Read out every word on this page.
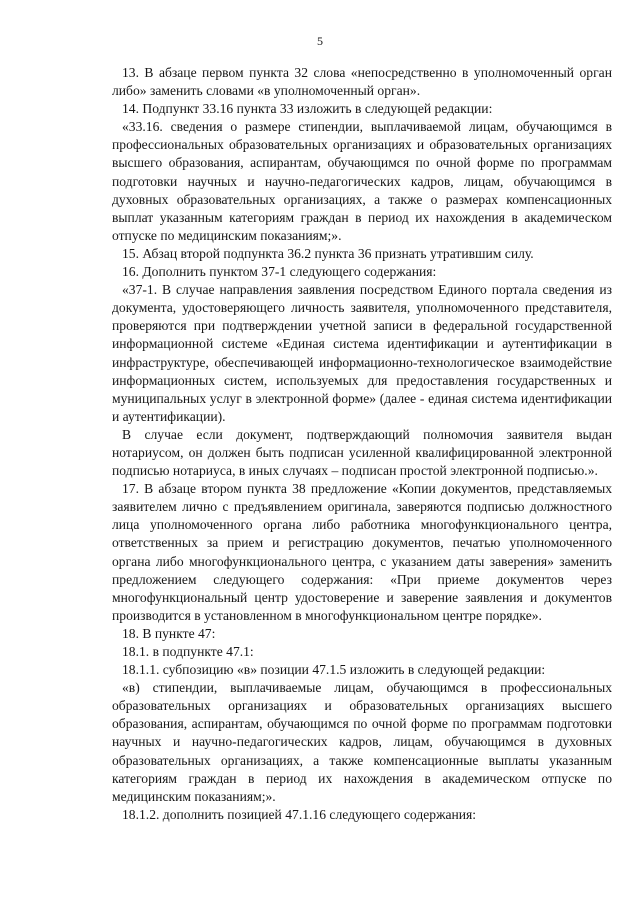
5

13. В абзаце первом пункта 32 слова «непосредственно в уполномоченный орган либо» заменить словами «в уполномоченный орган».

14. Подпункт 33.16 пункта 33 изложить в следующей редакции:

«33.16. сведения о размере стипендии, выплачиваемой лицам, обучающимся в профессиональных образовательных организациях и образовательных организациях высшего образования, аспирантам, обучающимся по очной форме по программам подготовки научных и научно-педагогических кадров, лицам, обучающимся в духовных образовательных организациях, а также о размерах компенсационных выплат указанным категориям граждан в период их нахождения в академическом отпуске по медицинским показаниям;».

15. Абзац второй подпункта 36.2 пункта 36 признать утратившим силу.

16. Дополнить пунктом 37-1 следующего содержания:

«37-1. В случае направления заявления посредством Единого портала сведения из документа, удостоверяющего личность заявителя, уполномоченного представителя, проверяются при подтверждении учетной записи в федеральной государственной информационной системе «Единая система идентификации и аутентификации в инфраструктуре, обеспечивающей информационно-технологическое взаимодействие информационных систем, используемых для предоставления государственных и муниципальных услуг в электронной форме» (далее - единая система идентификации и аутентификации).

В случае если документ, подтверждающий полномочия заявителя выдан нотариусом, он должен быть подписан усиленной квалифицированной электронной подписью нотариуса, в иных случаях – подписан простой электронной подписью.».

17. В абзаце втором пункта 38 предложение «Копии документов, представляемых заявителем лично с предъявлением оригинала, заверяются подписью должностного лица уполномоченного органа либо работника многофункционального центра, ответственных за прием и регистрацию документов, печатью уполномоченного органа либо многофункционального центра, с указанием даты заверения» заменить предложением следующего содержания: «При приеме документов через многофункциональный центр удостоверение и заверение заявления и документов производится в установленном в многофункциональном центре порядке».

18. В пункте 47:

18.1. в подпункте 47.1:

18.1.1. субпозицию «в» позиции 47.1.5 изложить в следующей редакции:

«в) стипендии, выплачиваемые лицам, обучающимся в профессиональных образовательных организациях и образовательных организациях высшего образования, аспирантам, обучающимся по очной форме по программам подготовки научных и научно-педагогических кадров, лицам, обучающимся в духовных образовательных организациях, а также компенсационные выплаты указанным категориям граждан в период их нахождения в академическом отпуске по медицинским показаниям;».

18.1.2. дополнить позицией 47.1.16 следующего содержания:
